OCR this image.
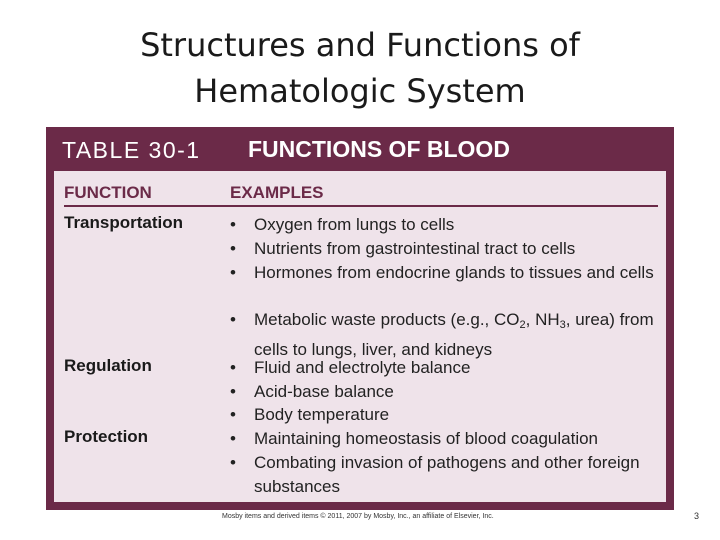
Structures and Functions of
Hematologic System
TABLE 30-1 FUNCTIONS OF BLOOD
FUNCTION	EXAMPLES
Transportation	•	Oxygen from lungs to cells
•	Nutrients from gastrointestinal tract to cells
•	Hormones from endocrine glands to tissues and cells
•	Metabolic waste products (e.g., $CO_2$, $NH_3$, urea) from cells to lungs, liver, and kidneys
Regulation	•	Fluid and electrolyte balance
•	Acid-base balance
•	Body temperature
Protection	•	Maintaining homeostasis of blood coagulation
•	Combating invasion of pathogens and other foreign substances
Mosby items and derived items © 2011, 2007 by Mosby, Inc., an affiliate of Elsevier, Inc.	3
